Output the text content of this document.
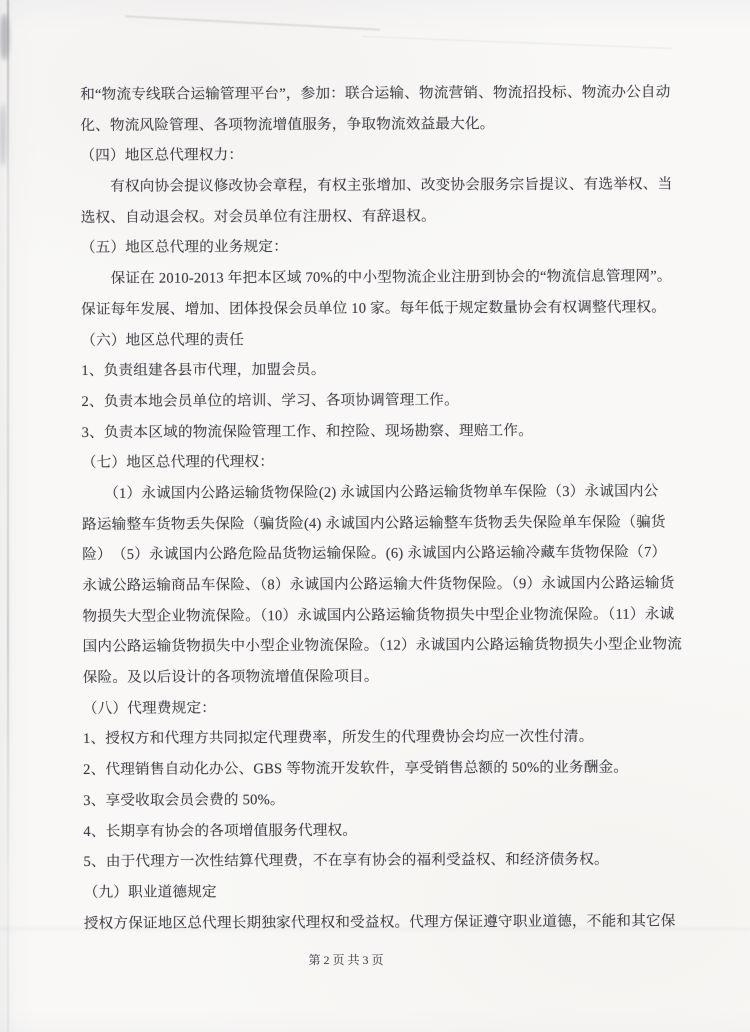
和“物流专线联合运输管理平台”，参加：联合运输、物流营销、物流招投标、物流办公自动
化、物流风险管理、各项物流增值服务，争取物流效益最大化。
（四）地区总代理权力：
　　有权向协会提议修改协会章程，有权主张增加、改变协会服务宗旨提议、有选举权、当
选权、自动退会权。对会员单位有注册权、有辞退权。
（五）地区总代理的业务规定：
　　保证在 2010-2013 年把本区域 70%的中小型物流企业注册到协会的“物流信息管理网”。
保证每年发展、增加、团体投保会员单位 10 家。每年低于规定数量协会有权调整代理权。
（六）地区总代理的责任
1、负责组建各县市代理，加盟会员。
2、负责本地会员单位的培训、学习、各项协调管理工作。
3、负责本区域的物流保险管理工作、和控险、现场勘察、理赔工作。
（七）地区总代理的代理权：
　　（1）永诚国内公路运输货物保险(2) 永诚国内公路运输货物单车保险（3）永诚国内公
路运输整车货物丢失保险（骗货险(4) 永诚国内公路运输整车货物丢失保险单车保险（骗货
险）　（5）永诚国内公路危险品货物运输保险。(6) 永诚国内公路运输冷藏车货物保险（7）
永诚公路运输商品车保险、（8）永诚国内公路运输大件货物保险。（9）永诚国内公路运输货
物损失大型企业物流保险。（10）永诚国内公路运输货物损失中型企业物流保险。（11）永诚
国内公路运输货物损失中小型企业物流保险。（12）永诚国内公路运输货物损失小型企业物流
保险。及以后设计的各项物流增值保险项目。
（八）代理费规定：
1、授权方和代理方共同拟定代理费率，所发生的代理费协会均应一次性付清。
2、代理销售自动化办公、GBS 等物流开发软件，享受销售总额的 50%的业务酬金。
3、享受收取会员会费的 50%。
4、长期享有协会的各项增值服务代理权。
5、由于代理方一次性结算代理费，不在享有协会的福利受益权、和经济债务权。
（九）职业道德规定
授权方保证地区总代理长期独家代理权和受益权。代理方保证遵守职业道德，不能和其它保
第 2 页 共 3 页
